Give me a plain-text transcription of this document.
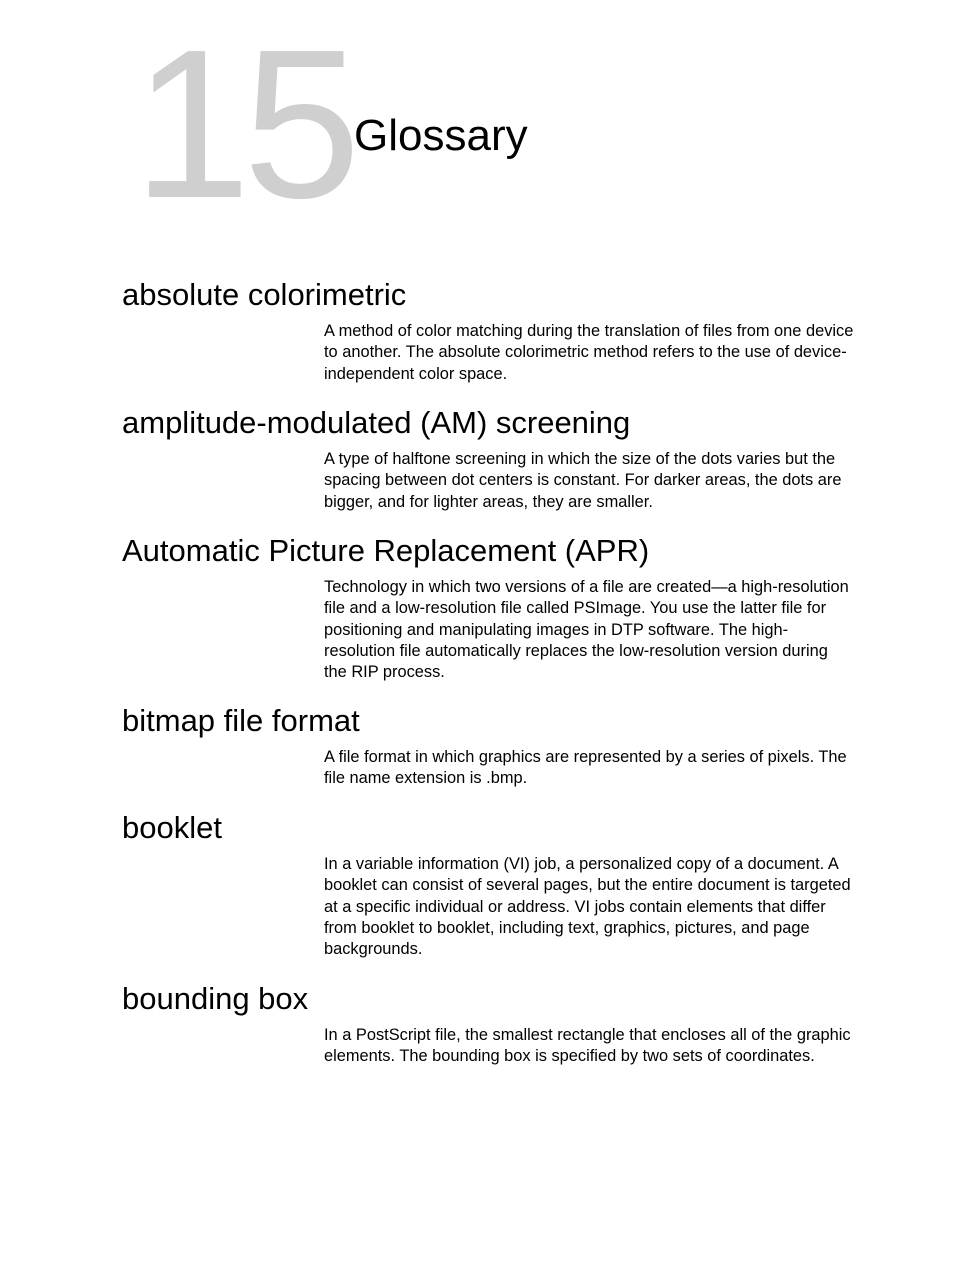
15 Glossary
absolute colorimetric

A method of color matching during the translation of files from one device to another. The absolute colorimetric method refers to the use of device-independent color space.

amplitude-modulated (AM) screening

A type of halftone screening in which the size of the dots varies but the spacing between dot centers is constant. For darker areas, the dots are bigger, and for lighter areas, they are smaller.

Automatic Picture Replacement (APR)

Technology in which two versions of a file are created—a high-resolution file and a low-resolution file called PSImage. You use the latter file for positioning and manipulating images in DTP software. The high-resolution file automatically replaces the low-resolution version during the RIP process.

bitmap file format

A file format in which graphics are represented by a series of pixels. The file name extension is .bmp.

booklet

In a variable information (VI) job, a personalized copy of a document. A booklet can consist of several pages, but the entire document is targeted at a specific individual or address. VI jobs contain elements that differ from booklet to booklet, including text, graphics, pictures, and page backgrounds.

bounding box

In a PostScript file, the smallest rectangle that encloses all of the graphic elements. The bounding box is specified by two sets of coordinates.
